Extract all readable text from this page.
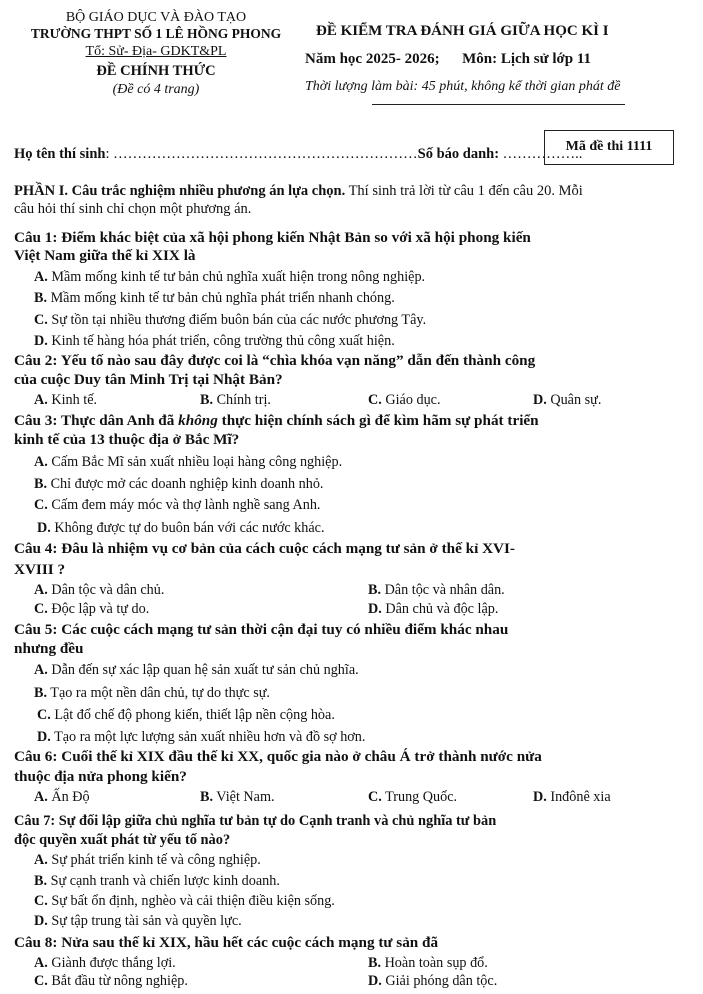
BỘ GIÁO DỤC VÀ ĐÀO TẠO
TRƯỜNG THPT SỐ 1 LÊ HỒNG PHONG
Tổ: Sử- Địa- GDKT&PL
ĐỀ CHÍNH THỨC
(Đề có 4 trang)
ĐỀ KIỂM TRA ĐÁNH GIÁ GIỮA HỌC KÌ I
Năm học 2025- 2026;      Môn: Lịch sử lớp 11
Thời lượng làm bài: 45 phút, không kể thời gian phát đề
Họ tên thí sinh: ………………………………………………………Số báo danh: ……………..
Mã đề thi 1111
PHẦN I. Câu trắc nghiệm nhiều phương án lựa chọn. Thí sinh trả lời từ câu 1 đến câu 20. Mỗi
câu hỏi thí sinh chỉ chọn một phương án.
Câu 1: Điểm khác biệt của xã hội phong kiến Nhật Bản so với xã hội phong kiến
Việt Nam giữa thế kỉ XIX là
A. Mầm mống kinh tế tư bản chủ nghĩa xuất hiện trong nông nghiệp.
B. Mầm mống kinh tế tư bản chủ nghĩa phát triển nhanh chóng.
C. Sự tồn tại nhiều thương điếm buôn bán của các nước phương Tây.
D. Kinh tế hàng hóa phát triển, công trường thủ công xuất hiện.
Câu 2: Yếu tố nào sau đây được coi là “chìa khóa vạn năng” dẫn đến thành công
của cuộc Duy tân Minh Trị tại Nhật Bản?
A. Kinh tế.	B. Chính trị.	C. Giáo dục.	D. Quân sự.
Câu 3: Thực dân Anh đã không thực hiện chính sách gì để kìm hãm sự phát triển
kinh tế của 13 thuộc địa ở Bắc Mĩ?
A. Cấm Bắc Mĩ sản xuất nhiều loại hàng công nghiệp.
B. Chỉ được mở các doanh nghiệp kinh doanh nhỏ.
C. Cấm đem máy móc và thợ lành nghề sang Anh.
D. Không được tự do buôn bán với các nước khác.
Câu 4: Đâu là nhiệm vụ cơ bản của cách cuộc cách mạng tư sản ở thế kỉ XVI-
XVIII ?
A. Dân tộc và dân chủ.	B. Dân tộc và nhân dân.
C. Độc lập và tự do.	D. Dân chủ và độc lập.
Câu 5: Các cuộc cách mạng tư sản thời cận đại tuy có nhiều điểm khác nhau
nhưng đều
A. Dẫn đến sự xác lập quan hệ sản xuất tư sản chủ nghĩa.
B. Tạo ra một nền dân chủ, tự do thực sự.
C. Lật đổ chế độ phong kiến, thiết lập nền cộng hòa.
D. Tạo ra một lực lượng sản xuất nhiều hơn và đồ sợ hơn.
Câu 6: Cuối thế kỉ XIX đầu thế kỉ XX, quốc gia nào ở châu Á trở thành nước nửa
thuộc địa nửa phong kiến?
A. Ấn Độ	B. Việt Nam.	C. Trung Quốc.	D. Inđônê xia
Câu 7: Sự đối lập giữa chủ nghĩa tư bản tự do Cạnh tranh và chủ nghĩa tư bản
độc quyền xuất phát từ yếu tố nào?
A. Sự phát triển kinh tế và công nghiệp.
B. Sự cạnh tranh và chiến lược kinh doanh.
C. Sự bất ổn định, nghèo và cải thiện điều kiện sống.
D. Sự tập trung tài sản và quyền lực.
Câu 8: Nửa sau thế kỉ XIX, hầu hết các cuộc cách mạng tư sản đã
A. Giành được thắng lợi.	B. Hoàn toàn sụp đổ.
C. Bắt đầu từ nông nghiệp.	D. Giải phóng dân tộc.
